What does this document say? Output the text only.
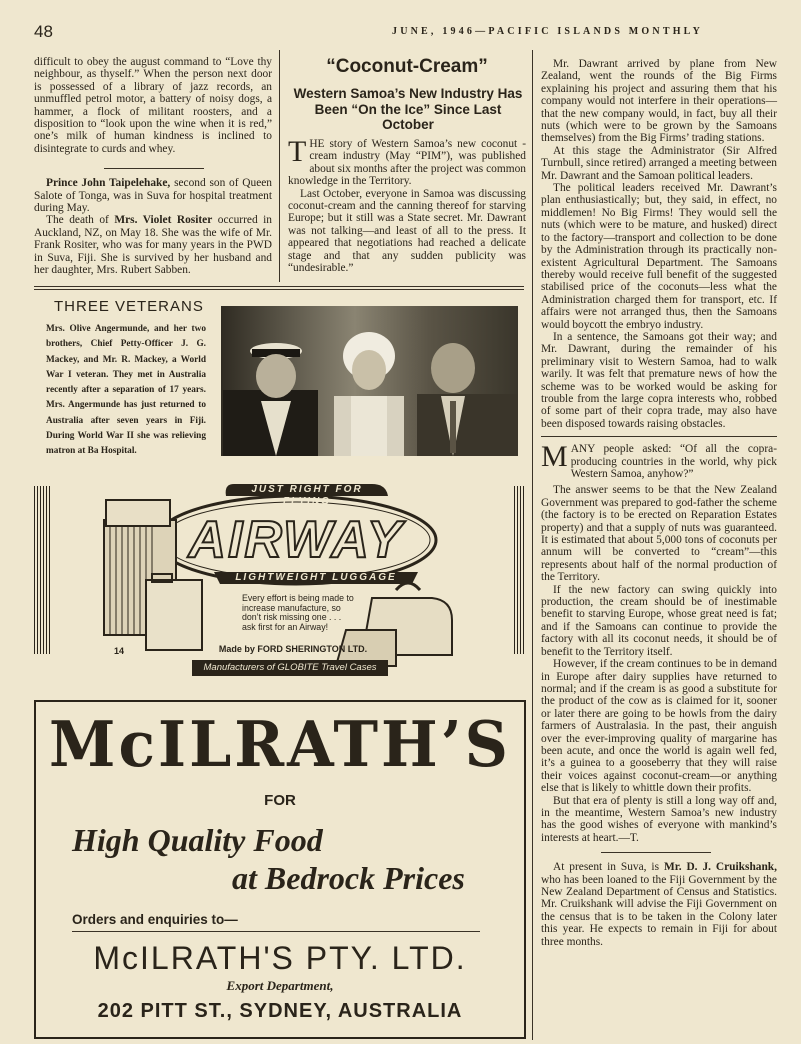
48	JUNE, 1946—PACIFIC ISLANDS MONTHLY

difficult to obey the august command to “Love thy neighbour, as thyself.” When the person next door is possessed of a library of jazz records, an unmuffled petrol motor, a battery of noisy dogs, a hammer, a flock of militant roosters, and a disposition to “look upon the wine when it is red,” one’s milk of human kindness is inclined to disintegrate to curds and whey.

Prince John Taipelehake, second son of Queen Salote of Tonga, was in Suva for hospital treatment during May.

The death of Mrs. Violet Rositer occurred in Auckland, NZ, on May 18. She was the wife of Mr. Frank Rositer, who was for many years in the PWD in Suva, Fiji. She is survived by her husband and her daughter, Mrs. Rubert Sabben.

“Coconut-Cream”
Western Samoa’s New Industry Has Been “On the Ice” Since Last October

THE story of Western Samoa’s new coconut - cream industry (May “PIM”), was published about six months after the project was common knowledge in the Territory.

Last October, everyone in Samoa was discussing coconut-cream and the canning thereof for starving Europe; but it still was a State secret. Mr. Dawrant was not talking—and least of all to the press. It appeared that negotiations had reached a delicate stage and that any sudden publicity was “undesirable.”

Mr. Dawrant arrived by plane from New Zealand, went the rounds of the Big Firms explaining his project and assuring them that his company would not interfere in their operations—that the new company would, in fact, buy all their nuts (which were to be grown by the Samoans themselves) from the Big Firms’ trading stations.

At this stage the Administrator (Sir Alfred Turnbull, since retired) arranged a meeting between Mr. Dawrant and the Samoan political leaders.

The political leaders received Mr. Dawrant’s plan enthusiastically; but, they said, in effect, no middlemen! No Big Firms! They would sell the nuts (which were to be mature, and husked) direct to the factory—transport and collection to be done by the Administration through its practically non-existent Agricultural Department. The Samoans thereby would receive full benefit of the suggested stabilised price of the coconuts—less what the Administration charged them for transport, etc. If affairs were not arranged thus, then the Samoans would boycott the embryo industry.

In a sentence, the Samoans got their way; and Mr. Dawrant, during the remainder of his preliminary visit to Western Samoa, had to walk warily. It was felt that premature news of how the scheme was to be worked would be asking for trouble from the large copra interests who, robbed of some part of their copra trade, may also have been disposed towards raising obstacles.

MANY people asked: “Of all the copra-producing countries in the world, why pick Western Samoa, anyhow?”

The answer seems to be that the New Zealand Government was prepared to god-father the scheme (the factory is to be erected on Reparation Estates property) and that a supply of nuts was guaranteed. It is estimated that about 5,000 tons of coconuts per annum will be converted to “cream”—this represents about half of the normal production of the Territory.

If the new factory can swing quickly into production, the cream should be of inestimable benefit to starving Europe, whose great need is fat; and if the Samoans can continue to provide the factory with all its coconut needs, it should be of benefit to the Territory itself.

However, if the cream continues to be in demand in Europe after dairy supplies have returned to normal; and if the cream is as good a substitute for the product of the cow as is claimed for it, sooner or later there are going to be howls from the dairy farmers of Australasia. In the past, their anguish over the ever-improving quality of margarine has been acute, and once the world is again well fed, it’s a guinea to a gooseberry that they will raise their voices against coconut-cream—or anything else that is likely to whittle down their profits.

But that era of plenty is still a long way off and, in the meantime, Western Samoa’s new industry has the good wishes of everyone with mankind’s interests at heart.—T.

At present in Suva, is Mr. D. J. Cruikshank, who has been loaned to the Fiji Government by the New Zealand Department of Census and Statistics. Mr. Cruikshank will advise the Fiji Government on the census that is to be taken in the Colony later this year. He expects to remain in Fiji for about three months.

THREE VETERANS
Mrs. Olive Angermunde, and her two brothers, Chief Petty-Officer J. G. Mackey, and Mr. R. Mackey, a World War I veteran. They met in Australia recently after a separation of 17 years. Mrs. Angermunde has just returned to Australia after seven years in Fiji. During World War II she was relieving matron at Ba Hospital.
JUST RIGHT FOR FLYING
AIRWAY
LIGHTWEIGHT LUGGAGE
Every effort is being made to increase manufacture, so don’t risk missing one . . . ask first for an Airway!
14	Made by FORD SHERINGTON LTD.
Manufacturers of GLOBITE Travel Cases
McILRATH’S
FOR
High Quality Food
at Bedrock Prices
Orders and enquiries to—
McILRATH'S PTY. LTD.
Export Department,
202 PITT ST., SYDNEY, AUSTRALIA
